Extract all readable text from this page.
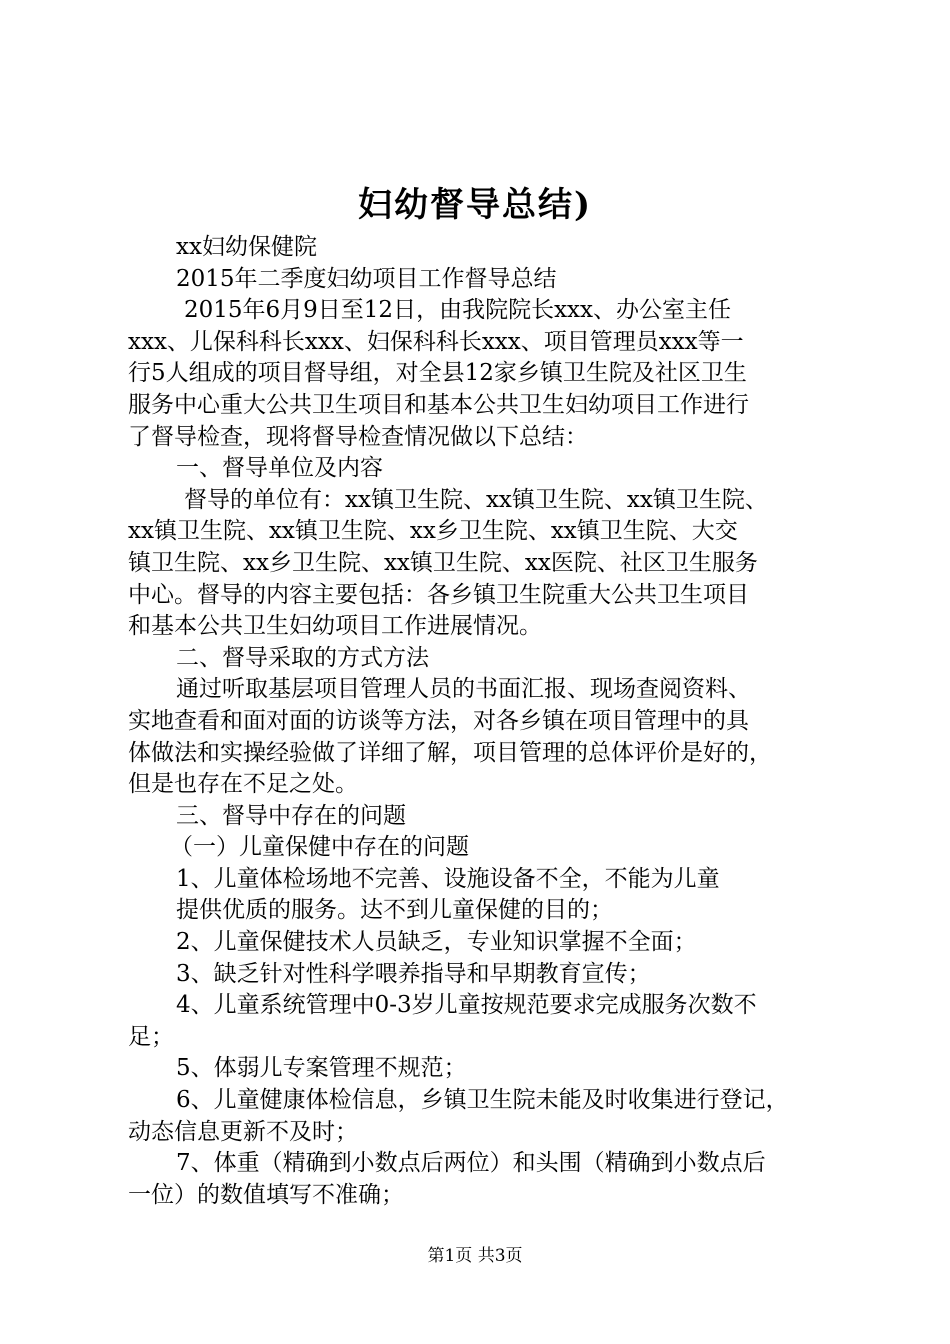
妇幼督导总结)

xx妇幼保健院

2015年二季度妇幼项目工作督导总结

2015年6月9日至12日，由我院院长xxx、办公室主任

xxx、儿保科科长xxx、妇保科科长xxx、项目管理员xxx等一

行5人组成的项目督导组，对全县12家乡镇卫生院及社区卫生

服务中心重大公共卫生项目和基本公共卫生妇幼项目工作进行

了督导检查，现将督导检查情况做以下总结：

一、督导单位及内容

督导的单位有：xx镇卫生院、xx镇卫生院、xx镇卫生院、

xx镇卫生院、xx镇卫生院、xx乡卫生院、xx镇卫生院、大交

镇卫生院、xx乡卫生院、xx镇卫生院、xx医院、社区卫生服务

中心。督导的内容主要包括：各乡镇卫生院重大公共卫生项目

和基本公共卫生妇幼项目工作进展情况。

二、督导采取的方式方法

通过听取基层项目管理人员的书面汇报、现场查阅资料、

实地查看和面对面的访谈等方法，对各乡镇在项目管理中的具

体做法和实操经验做了详细了解，项目管理的总体评价是好的，

但是也存在不足之处。

三、督导中存在的问题

（一）儿童保健中存在的问题

1、儿童体检场地不完善、设施设备不全，不能为儿童

提供优质的服务。达不到儿童保健的目的；

2、儿童保健技术人员缺乏，专业知识掌握不全面；

3、缺乏针对性科学喂养指导和早期教育宣传；

4、儿童系统管理中0-3岁儿童按规范要求完成服务次数不

足；

5、体弱儿专案管理不规范；

6、儿童健康体检信息，乡镇卫生院未能及时收集进行登记，

动态信息更新不及时；

7、体重（精确到小数点后两位）和头围（精确到小数点后

一位）的数值填写不准确；

第1页 共3页
